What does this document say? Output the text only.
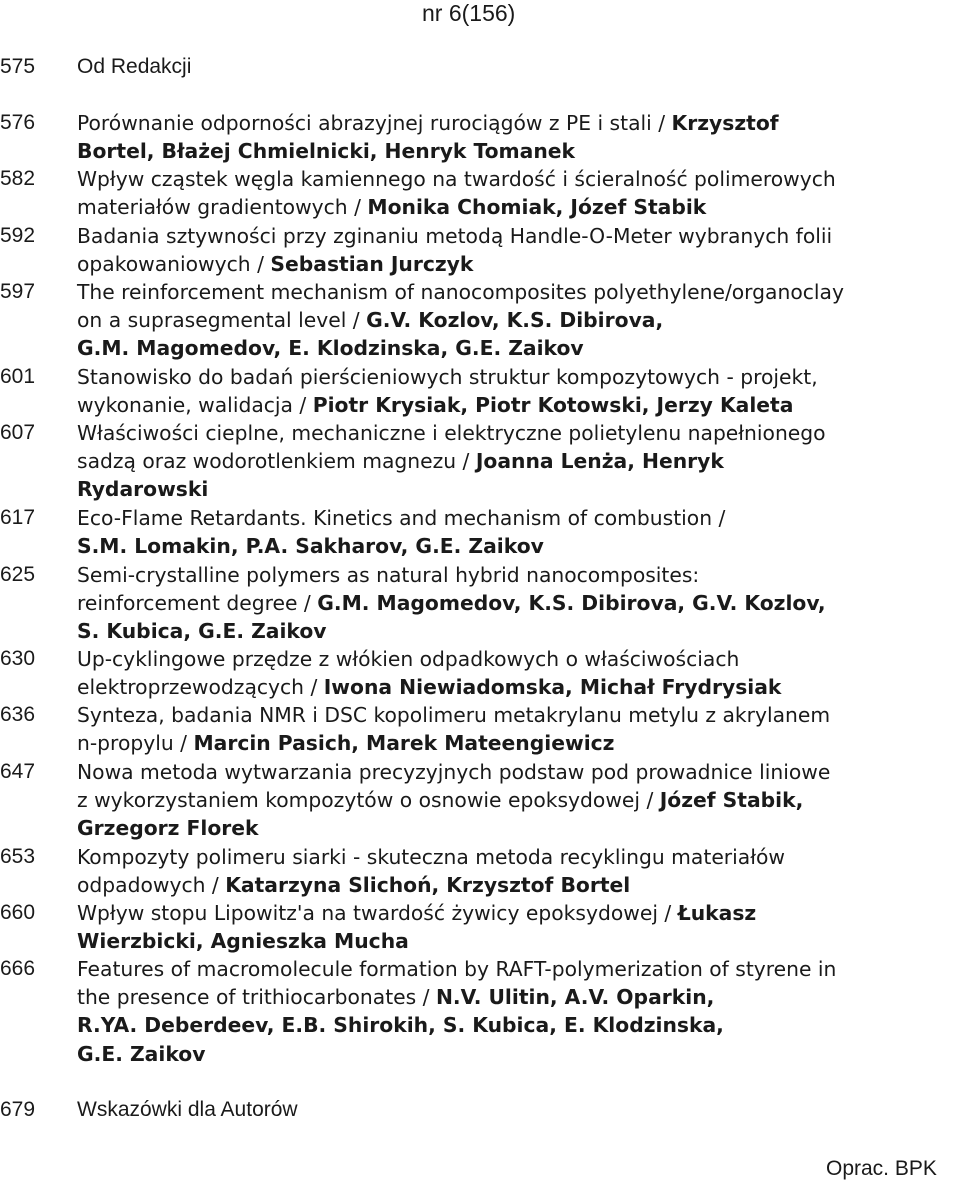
nr 6(156)
575 Od Redakcji
576 Porównanie odporności abrazyjnej rurociągów z PE i stali / Krzysztof
Bortel, Błażej Chmielnicki, Henryk Tomanek
582 Wpływ cząstek węgla kamiennego na twardość i ścieralność polimerowych
materiałów gradientowych / Monika Chomiak, Józef Stabik
592 Badania sztywności przy zginaniu metodą Handle-O-Meter wybranych folii
opakowaniowych / Sebastian Jurczyk
597 The reinforcement mechanism of nanocomposites polyethylene/organoclay
on a suprasegmental level / G.V. Kozlov, K.S. Dibirova,
G.M. Magomedov, E. Klodzinska, G.E. Zaikov
601 Stanowisko do badań pierścieniowych struktur kompozytowych - projekt,
wykonanie, walidacja / Piotr Krysiak, Piotr Kotowski, Jerzy Kaleta
607 Właściwości cieplne, mechaniczne i elektryczne polietylenu napełnionego
sadzą oraz wodorotlenkiem magnezu / Joanna Lenża, Henryk
Rydarowski
617 Eco-Flame Retardants. Kinetics and mechanism of combustion /
S.M. Lomakin, P.A. Sakharov, G.E. Zaikov
625 Semi-crystalline polymers as natural hybrid nanocomposites:
reinforcement degree / G.M. Magomedov, K.S. Dibirova, G.V. Kozlov,
S. Kubica, G.E. Zaikov
630 Up-cyklingowe przędze z włókien odpadkowych o właściwościach
elektroprzewodzących / Iwona Niewiadomska, Michał Frydrysiak
636 Synteza, badania NMR i DSC kopolimeru metakrylanu metylu z akrylanem
n-propylu / Marcin Pasich, Marek Mateengiewicz
647 Nowa metoda wytwarzania precyzyjnych podstaw pod prowadnice liniowe
z wykorzystaniem kompozytów o osnowie epoksydowej / Józef Stabik,
Grzegorz Florek
653 Kompozyty polimeru siarki - skuteczna metoda recyklingu materiałów
odpadowych / Katarzyna Slichoń, Krzysztof Bortel
660 Wpływ stopu Lipowitz'a na twardość żywicy epoksydowej / Łukasz
Wierzbicki, Agnieszka Mucha
666 Features of macromolecule formation by RAFT-polymerization of styrene in
the presence of trithiocarbonates / N.V. Ulitin, A.V. Oparkin,
R.YA. Deberdeev, E.B. Shirokih, S. Kubica, E. Klodzinska,
G.E. Zaikov
679 Wskazówki dla Autorów
Oprac. BPK
